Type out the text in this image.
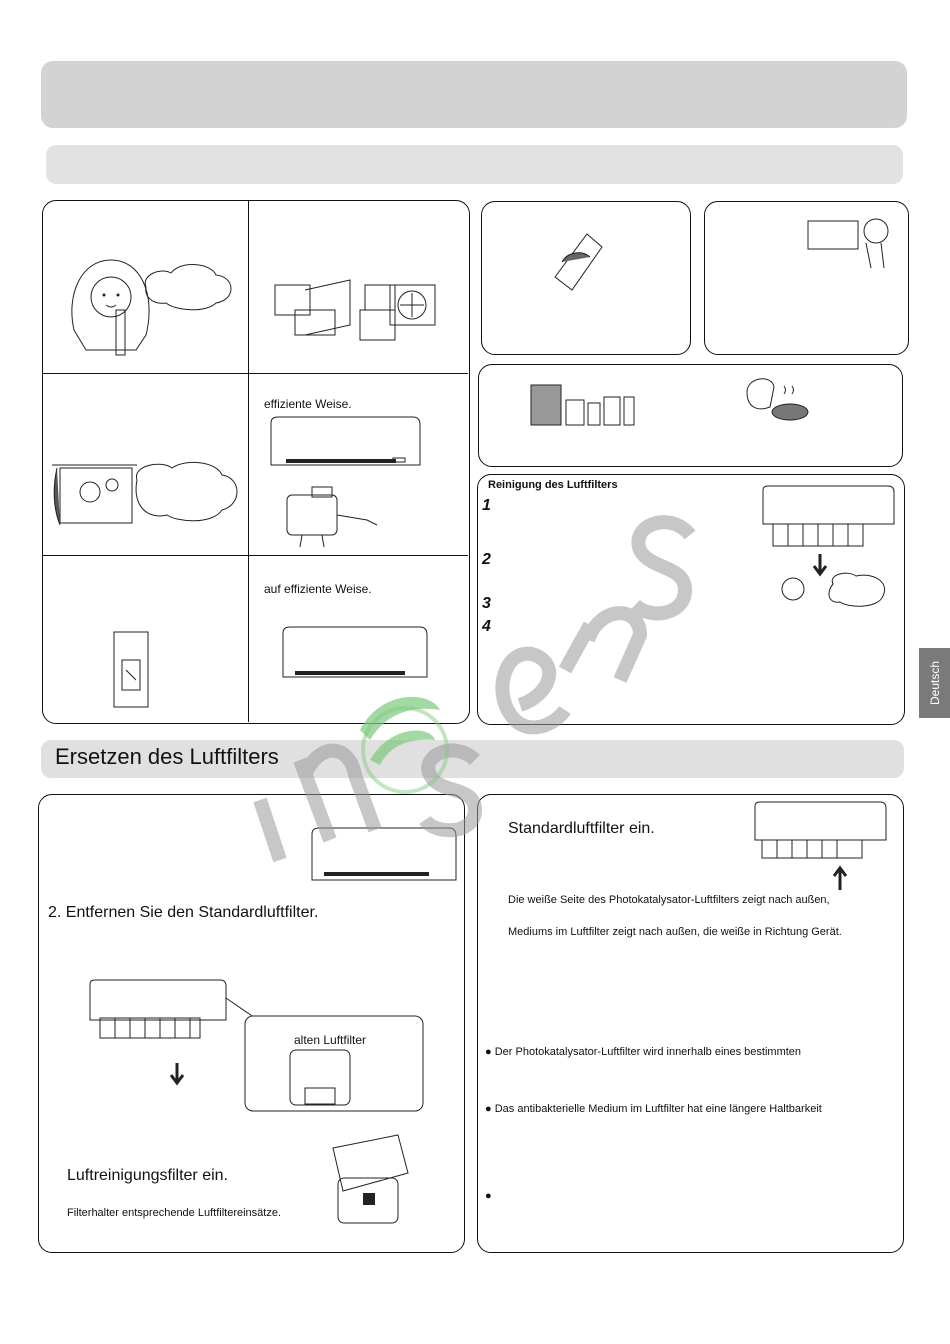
effiziente Weise.
auf effiziente Weise.
Reinigung des Luftfilters
1
2
3
4
Deutsch
Ersetzen des Luftfilters
2. Entfernen Sie den Standardluftfilter.
alten Luftfilter
Luftreinigungsfilter ein.
Filterhalter entsprechende Luftfiltereinsätze.
Standardluftfilter ein.
Die weiße Seite des Photokatalysator-Luftfilters zeigt nach außen,
Mediums im Luftfilter zeigt nach außen, die weiße in Richtung Gerät.
● Der Photokatalysator-Luftfilter wird innerhalb eines bestimmten
● Das antibakterielle Medium im Luftfilter hat eine längere Haltbarkeit
●
